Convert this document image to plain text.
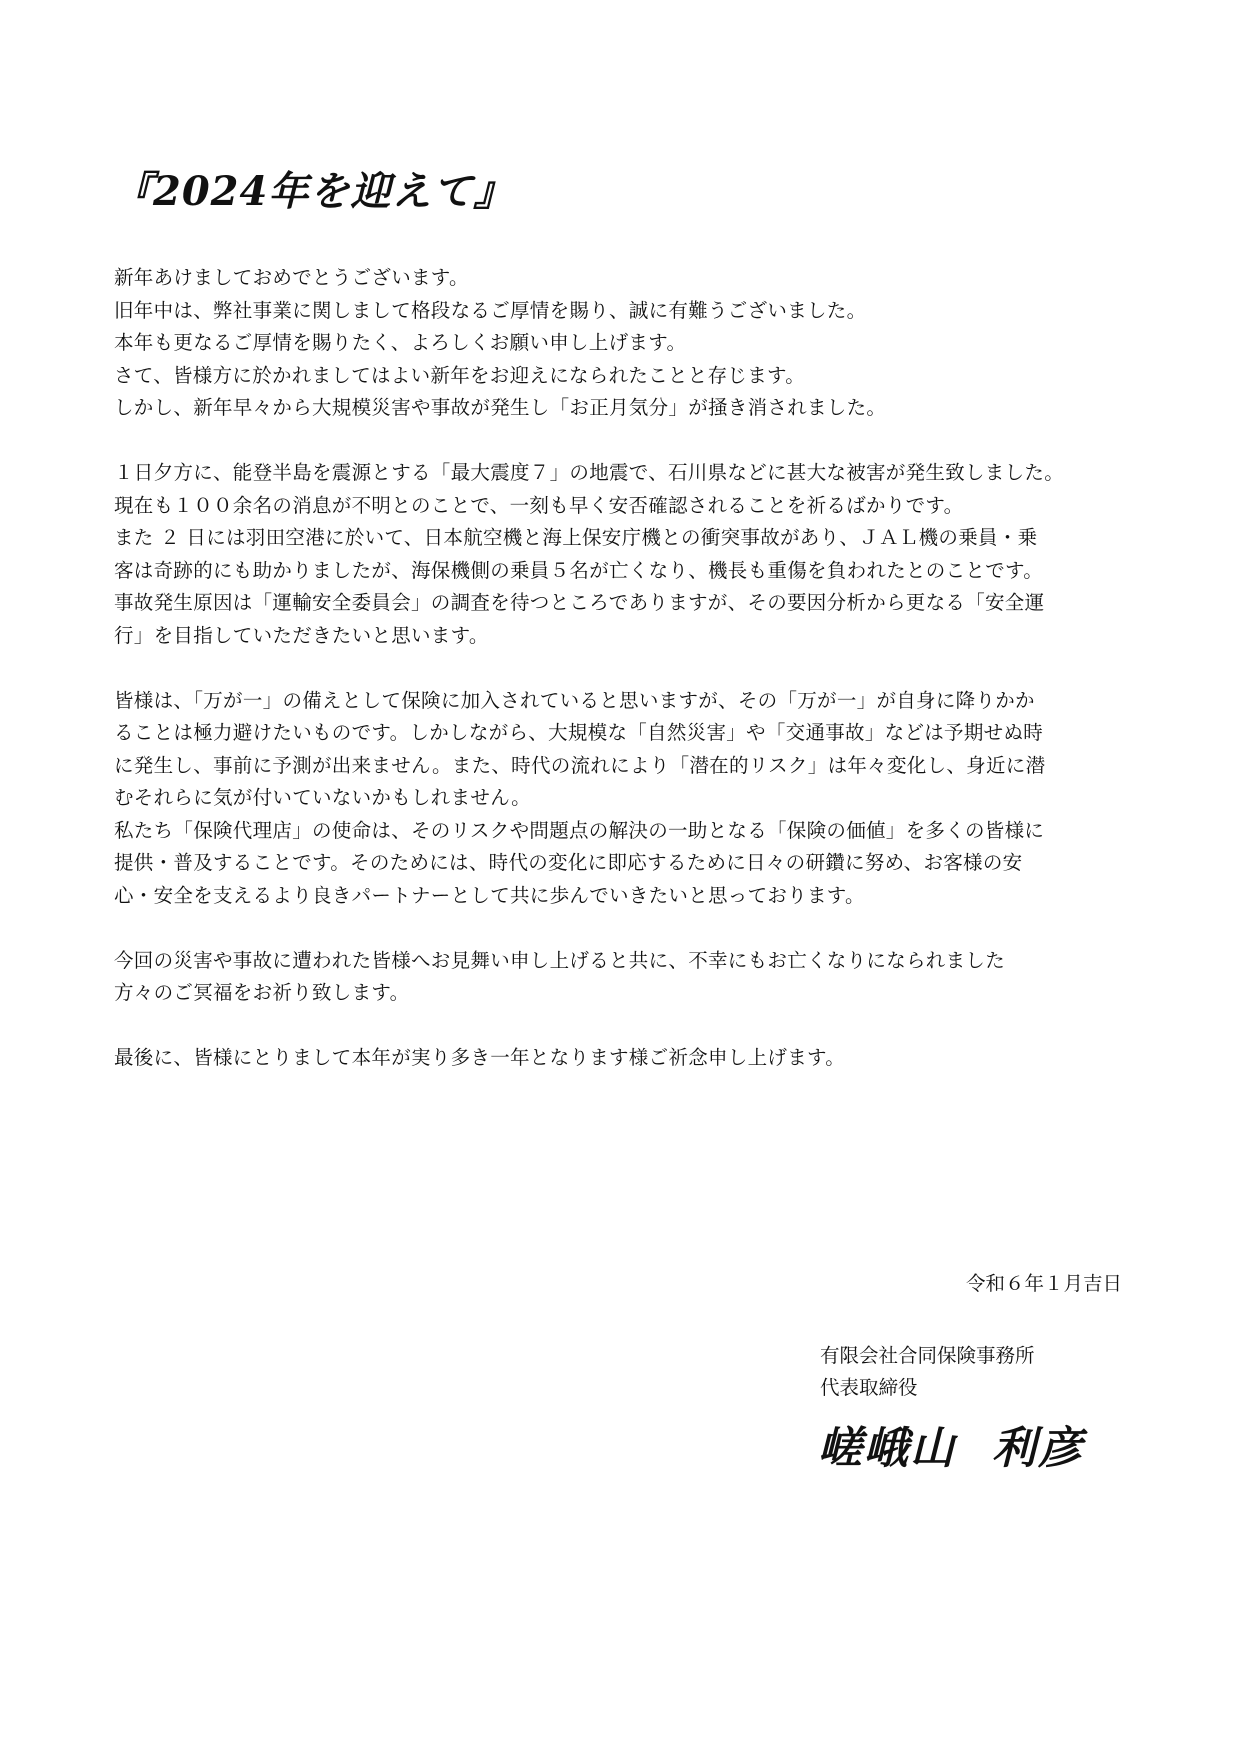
『2024年を迎えて』
新年あけましておめでとうございます。
旧年中は、弊社事業に関しまして格段なるご厚情を賜り、誠に有難うございました。
本年も更なるご厚情を賜りたく、よろしくお願い申し上げます。
さて、皆様方に於かれましてはよい新年をお迎えになられたことと存じます。
しかし、新年早々から大規模災害や事故が発生し「お正月気分」が掻き消されました。
１日夕方に、能登半島を震源とする「最大震度７」の地震で、石川県などに甚大な被害が発生致しました。
現在も１００余名の消息が不明とのことで、一刻も早く安否確認されることを祈るばかりです。
また ２ 日には羽田空港に於いて、日本航空機と海上保安庁機との衝突事故があり、ＪＡＬ機の乗員・乗
客は奇跡的にも助かりましたが、海保機側の乗員５名が亡くなり、機長も重傷を負われたとのことです。
事故発生原因は「運輸安全委員会」の調査を待つところでありますが、その要因分析から更なる「安全運
行」を目指していただきたいと思います。
皆様は、「万が一」の備えとして保険に加入されていると思いますが、その「万が一」が自身に降りかか
ることは極力避けたいものです。しかしながら、大規模な「自然災害」や「交通事故」などは予期せぬ時
に発生し、事前に予測が出来ません。また、時代の流れにより「潜在的リスク」は年々変化し、身近に潜
むそれらに気が付いていないかもしれません。
私たち「保険代理店」の使命は、そのリスクや問題点の解決の一助となる「保険の価値」を多くの皆様に
提供・普及することです。そのためには、時代の変化に即応するために日々の研鑽に努め、お客様の安
心・安全を支えるより良きパートナーとして共に歩んでいきたいと思っております。
今回の災害や事故に遭われた皆様へお見舞い申し上げると共に、不幸にもお亡くなりになられました
方々のご冥福をお祈り致します。
最後に、皆様にとりまして本年が実り多き一年となります様ご祈念申し上げます。
令和６年１月吉日
有限会社合同保険事務所
代表取締役
嵯峨山 利彦
